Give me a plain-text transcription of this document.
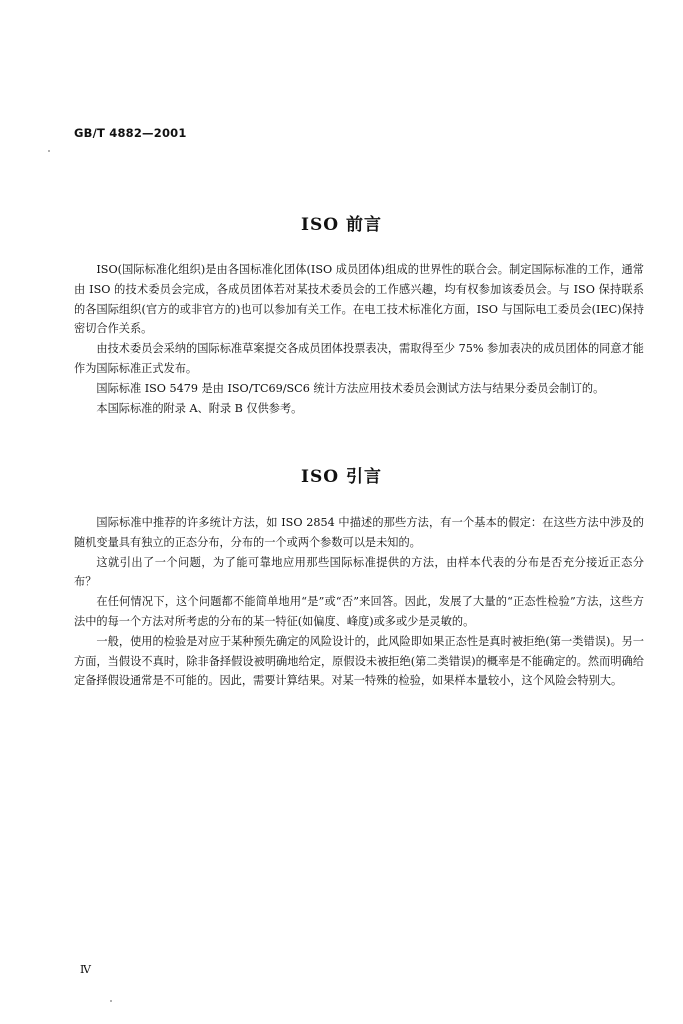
GB/T 4882—2001
ISO 前言

ISO(国际标准化组织)是由各国标准化团体(ISO 成员团体)组成的世界性的联合会。制定国际标准的工作，通常由 ISO 的技术委员会完成，各成员团体若对某技术委员会的工作感兴趣，均有权参加该委员会。与 ISO 保持联系的各国际组织(官方的或非官方的)也可以参加有关工作。在电工技术标准化方面，ISO 与国际电工委员会(IEC)保持密切合作关系。

由技术委员会采纳的国际标准草案提交各成员团体投票表决，需取得至少 75% 参加表决的成员团体的同意才能作为国际标准正式发布。

国际标准 ISO 5479 是由 ISO/TC69/SC6 统计方法应用技术委员会测试方法与结果分委员会制订的。

本国际标准的附录 A、附录 B 仅供参考。

ISO 引言

国际标准中推荐的许多统计方法，如 ISO 2854 中描述的那些方法，有一个基本的假定：在这些方法中涉及的随机变量具有独立的正态分布，分布的一个或两个参数可以是未知的。

这就引出了一个问题，为了能可靠地应用那些国际标准提供的方法，由样本代表的分布是否充分接近正态分布？

在任何情况下，这个问题都不能简单地用“是”或“否”来回答。因此，发展了大量的“正态性检验”方法，这些方法中的每一个方法对所考虑的分布的某一特征(如偏度、峰度)或多或少是灵敏的。

一般，使用的检验是对应于某种预先确定的风险设计的，此风险即如果正态性是真时被拒绝(第一类错误)。另一方面，当假设不真时，除非备择假设被明确地给定，原假设未被拒绝(第二类错误)的概率是不能确定的。然而明确给定备择假设通常是不可能的。因此，需要计算结果。对某一特殊的检验，如果样本量较小，这个风险会特别大。

Ⅳ
